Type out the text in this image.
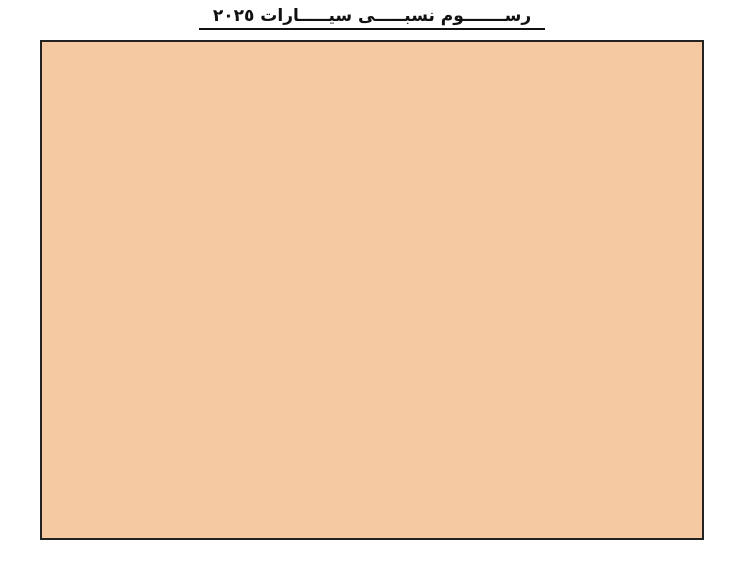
رســـــــوم نسبـــــى سيـــــارات ٢٠٢٥
